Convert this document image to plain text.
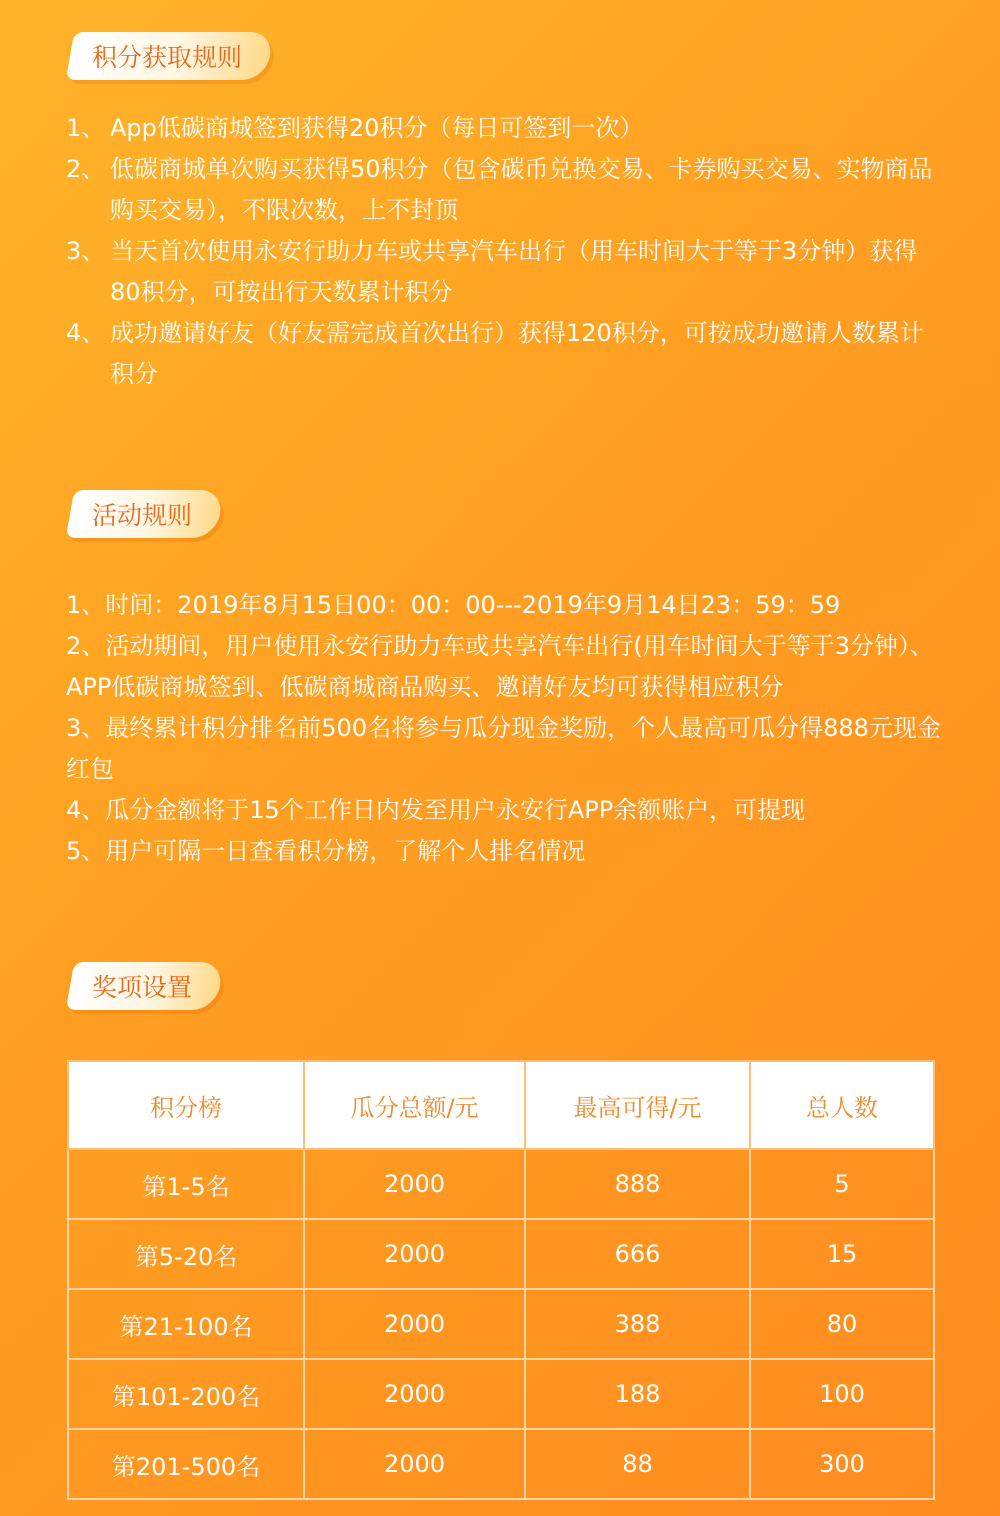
积分获取规则
1、 App低碳商城签到获得20积分（每日可签到一次）
2、 低碳商城单次购买获得50积分（包含碳币兑换交易、卡券购买交易、实物商品购买交易），不限次数，上不封顶
3、 当天首次使用永安行助力车或共享汽车出行（用车时间大于等于3分钟）获得80积分，可按出行天数累计积分
4、 成功邀请好友（好友需完成首次出行）获得120积分，可按成功邀请人数累计积分
活动规则
1、时间：2019年8月15日00：00：00---2019年9月14日23：59：59
2、活动期间，用户使用永安行助力车或共享汽车出行(用车时间大于等于3分钟）、APP低碳商城签到、低碳商城商品购买、邀请好友均可获得相应积分
3、最终累计积分排名前500名将参与瓜分现金奖励，个人最高可瓜分得888元现金红包
4、瓜分金额将于15个工作日内发至用户永安行APP余额账户，可提现
5、用户可隔一日查看积分榜，了解个人排名情况
奖项设置
积分榜	瓜分总额/元	最高可得/元	总人数
第1-5名	2000	888	5
第5-20名	2000	666	15
第21-100名	2000	388	80
第101-200名	2000	188	100
第201-500名	2000	88	300
